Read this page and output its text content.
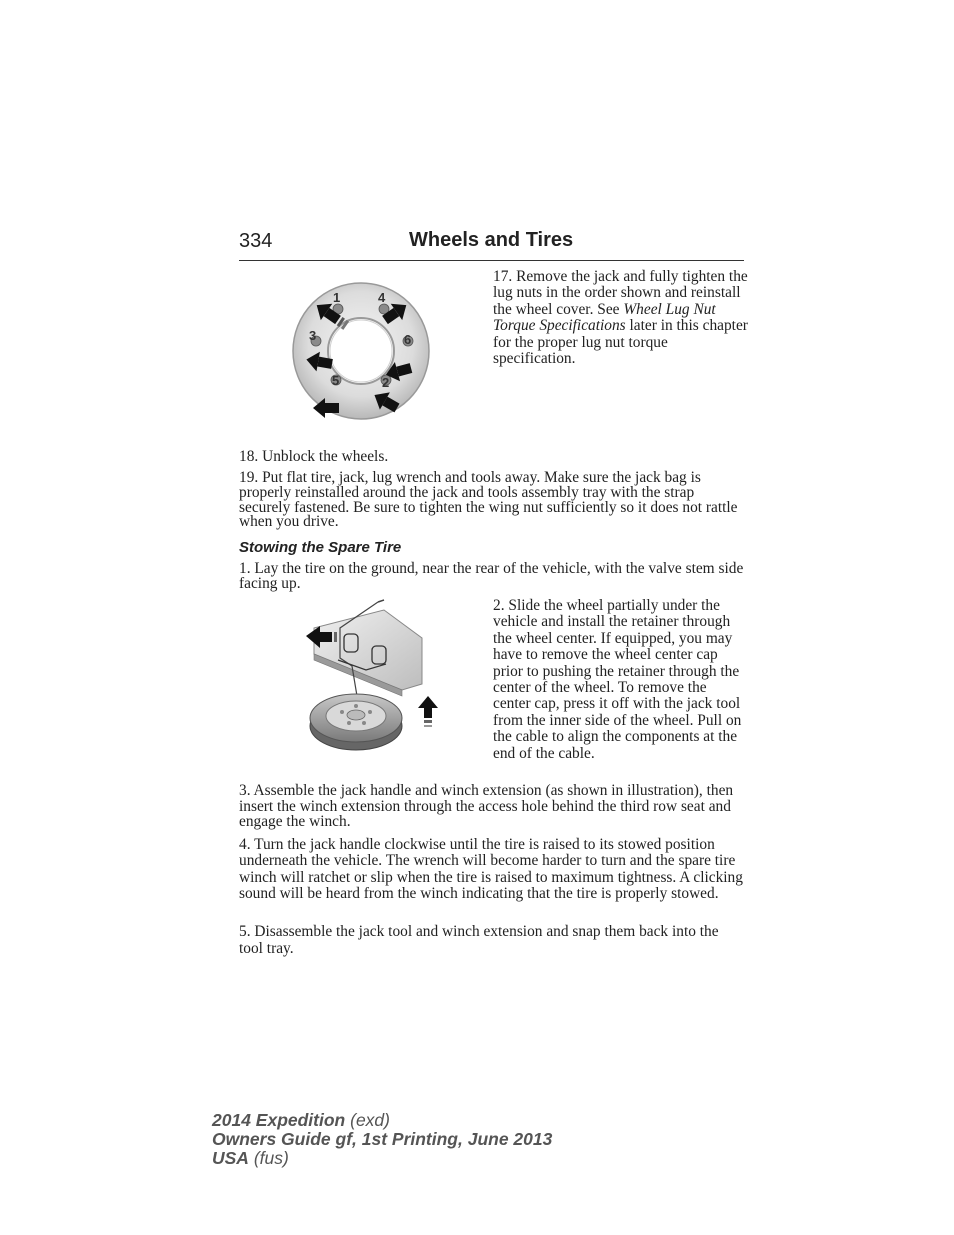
334	Wheels and Tires
1	4
3	6
5	2

17. Remove the jack and fully tighten the lug nuts in the order shown and reinstall the wheel cover. See Wheel Lug Nut Torque Specifications later in this chapter for the proper lug nut torque specification.

18. Unblock the wheels.

19. Put flat tire, jack, lug wrench and tools away. Make sure the jack bag is properly reinstalled around the jack and tools assembly tray with the strap securely fastened. Be sure to tighten the wing nut sufficiently so it does not rattle when you drive.

Stowing the Spare Tire

1. Lay the tire on the ground, near the rear of the vehicle, with the valve stem side facing up.

2. Slide the wheel partially under the vehicle and install the retainer through the wheel center. If equipped, you may have to remove the wheel center cap prior to pushing the retainer through the center of the wheel. To remove the center cap, press it off with the jack tool from the inner side of the wheel. Pull on the cable to align the components at the end of the cable.

3. Assemble the jack handle and winch extension (as shown in illustration), then insert the winch extension through the access hole behind the third row seat and engage the winch.

4. Turn the jack handle clockwise until the tire is raised to its stowed position underneath the vehicle. The wrench will become harder to turn and the spare tire winch will ratchet or slip when the tire is raised to maximum tightness. A clicking sound will be heard from the winch indicating that the tire is properly stowed.

5. Disassemble the jack tool and winch extension and snap them back into the tool tray.

2014 Expedition (exd)
Owners Guide gf, 1st Printing, June 2013
USA (fus)
